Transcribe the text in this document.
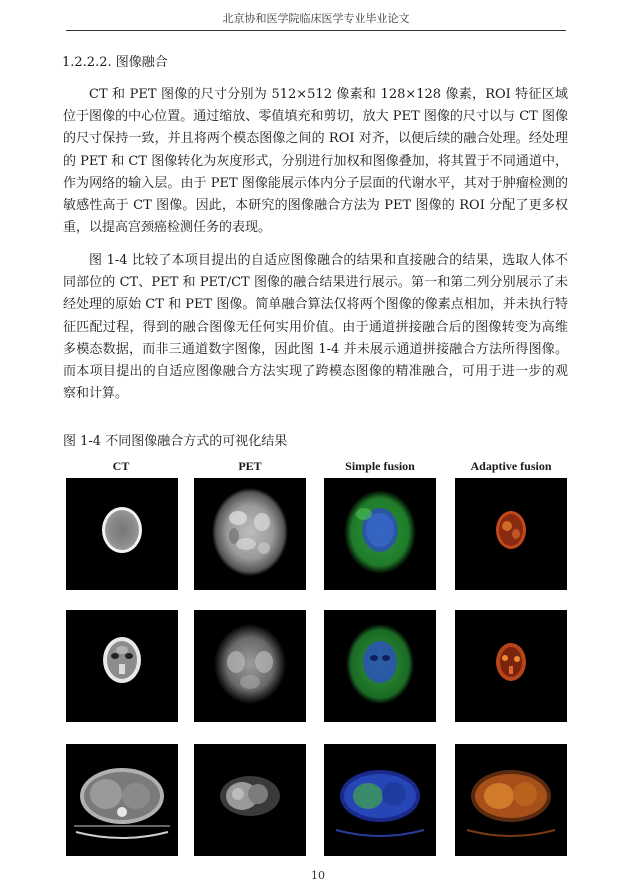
北京协和医学院临床医学专业毕业论文
1.2.2.2. 图像融合

CT 和 PET 图像的尺寸分别为 512×512 像素和 128×128 像素，ROI 特征区域位于图像的中心位置。通过缩放、零值填充和剪切，放大 PET 图像的尺寸以与 CT 图像的尺寸保持一致，并且将两个模态图像之间的 ROI 对齐，以便后续的融合处理。经处理的 PET 和 CT 图像转化为灰度形式，分别进行加权和图像叠加，将其置于不同通道中，作为网络的输入层。由于 PET 图像能展示体内分子层面的代谢水平，其对于肿瘤检测的敏感性高于 CT 图像。因此，本研究的图像融合方法为 PET 图像的 ROI 分配了更多权重，以提高宫颈癌检测任务的表现。

图 1-4 比较了本项目提出的自适应图像融合的结果和直接融合的结果，选取人体不同部位的 CT、PET 和 PET/CT 图像的融合结果进行展示。第一和第二列分别展示了未经处理的原始 CT 和 PET 图像。简单融合算法仅将两个图像的像素点相加，并未执行特征匹配过程，得到的融合图像无任何实用价值。由于通道拼接融合后的图像转变为高维多模态数据，而非三通道数字图像，因此图 1-4 并未展示通道拼接融合方法所得图像。而本项目提出的自适应图像融合方法实现了跨模态图像的精准融合，可用于进一步的观察和计算。

图 1-4 不同图像融合方式的可视化结果
CT	PET	Simple fusion	Adaptive fusion
10
